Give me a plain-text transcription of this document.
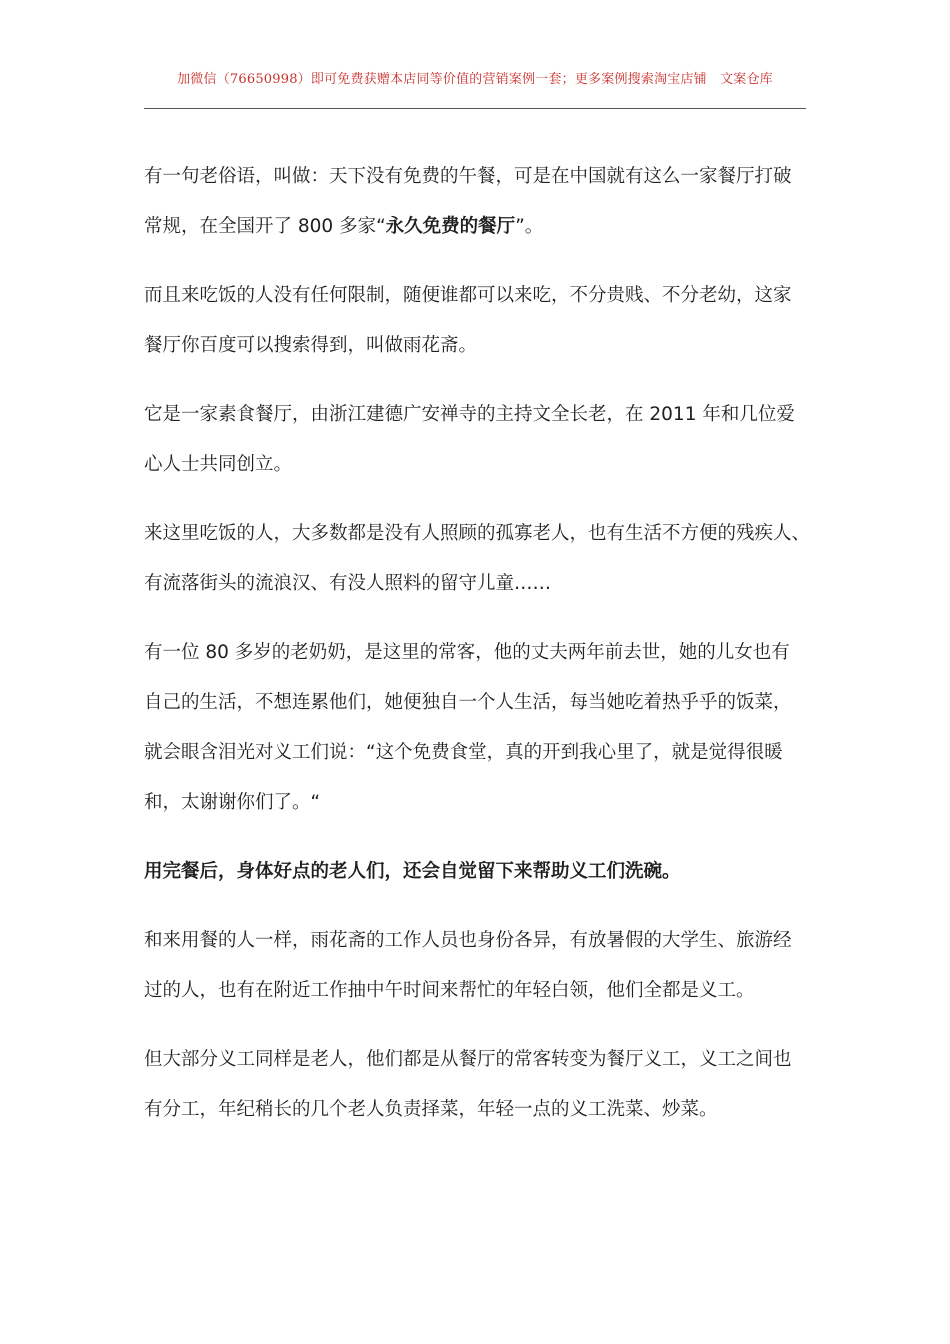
加微信（76650998）即可免费获赠本店同等价值的营销案例一套；更多案例搜索淘宝店铺　文案仓库

有一句老俗语，叫做：天下没有免费的午餐，可是在中国就有这么一家餐厅打破
常规，在全国开了 800 多家“永久免费的餐厅”。

而且来吃饭的人没有任何限制，随便谁都可以来吃，不分贵贱、不分老幼，这家
餐厅你百度可以搜索得到，叫做雨花斋。

它是一家素食餐厅，由浙江建德广安禅寺的主持文全长老，在 2011 年和几位爱
心人士共同创立。

来这里吃饭的人，大多数都是没有人照顾的孤寡老人，也有生活不方便的残疾人、
有流落街头的流浪汉、有没人照料的留守儿童……

有一位 80 多岁的老奶奶，是这里的常客，他的丈夫两年前去世，她的儿女也有
自己的生活，不想连累他们，她便独自一个人生活，每当她吃着热乎乎的饭菜，
就会眼含泪光对义工们说：“这个免费食堂，真的开到我心里了，就是觉得很暖
和，太谢谢你们了。“

用完餐后，身体好点的老人们，还会自觉留下来帮助义工们洗碗。

和来用餐的人一样，雨花斋的工作人员也身份各异，有放暑假的大学生、旅游经
过的人，也有在附近工作抽中午时间来帮忙的年轻白领，他们全都是义工。

但大部分义工同样是老人，他们都是从餐厅的常客转变为餐厅义工，义工之间也
有分工，年纪稍长的几个老人负责择菜，年轻一点的义工洗菜、炒菜。
